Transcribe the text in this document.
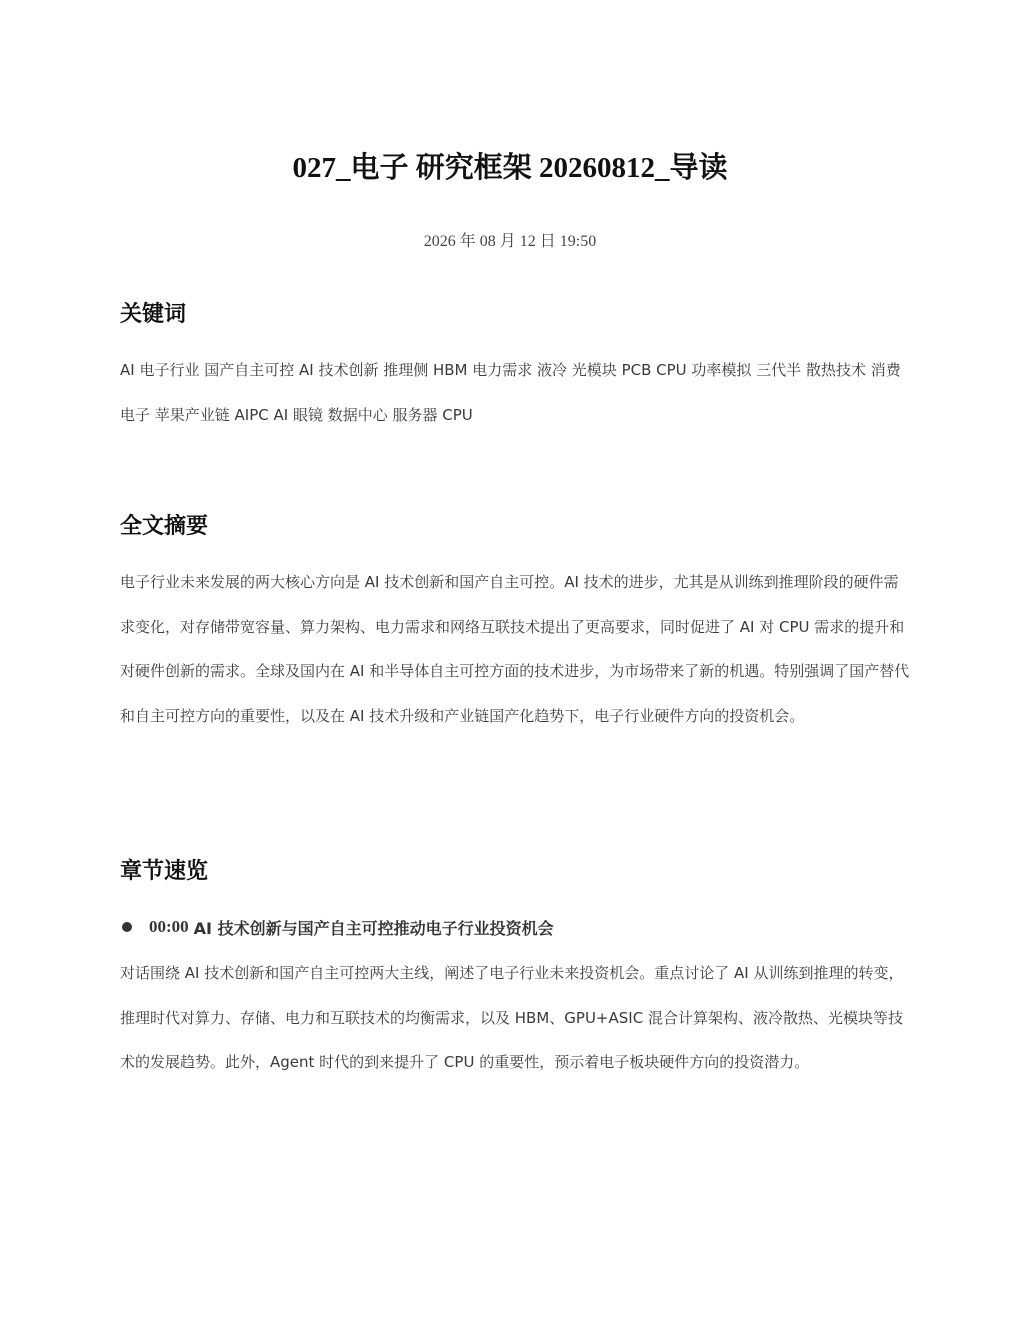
027_电子 研究框架 20260812_导读
2026 年 08 月 12 日 19:50
关键词

AI 电子行业 国产自主可控 AI 技术创新 推理侧 HBM 电力需求 液冷 光模块 PCB CPU 功率模拟 三代半 散热技术 消费电子 苹果产业链 AIPC AI 眼镜 数据中心 服务器 CPU

全文摘要

电子行业未来发展的两大核心方向是 AI 技术创新和国产自主可控。AI 技术的进步，尤其是从训练到推理阶段的硬件需求变化，对存储带宽容量、算力架构、电力需求和网络互联技术提出了更高要求，同时促进了 AI 对 CPU 需求的提升和对硬件创新的需求。全球及国内在 AI 和半导体自主可控方面的技术进步，为市场带来了新的机遇。特别强调了国产替代和自主可控方向的重要性，以及在 AI 技术升级和产业链国产化趋势下，电子行业硬件方向的投资机会。

章节速览
00:00 AI 技术创新与国产自主可控推动电子行业投资机会

对话围绕 AI 技术创新和国产自主可控两大主线，阐述了电子行业未来投资机会。重点讨论了 AI 从训练到推理的转变，推理时代对算力、存储、电力和互联技术的均衡需求，以及 HBM、GPU+ASIC 混合计算架构、液冷散热、光模块等技术的发展趋势。此外，Agent 时代的到来提升了 CPU 的重要性，预示着电子板块硬件方向的投资潜力。
